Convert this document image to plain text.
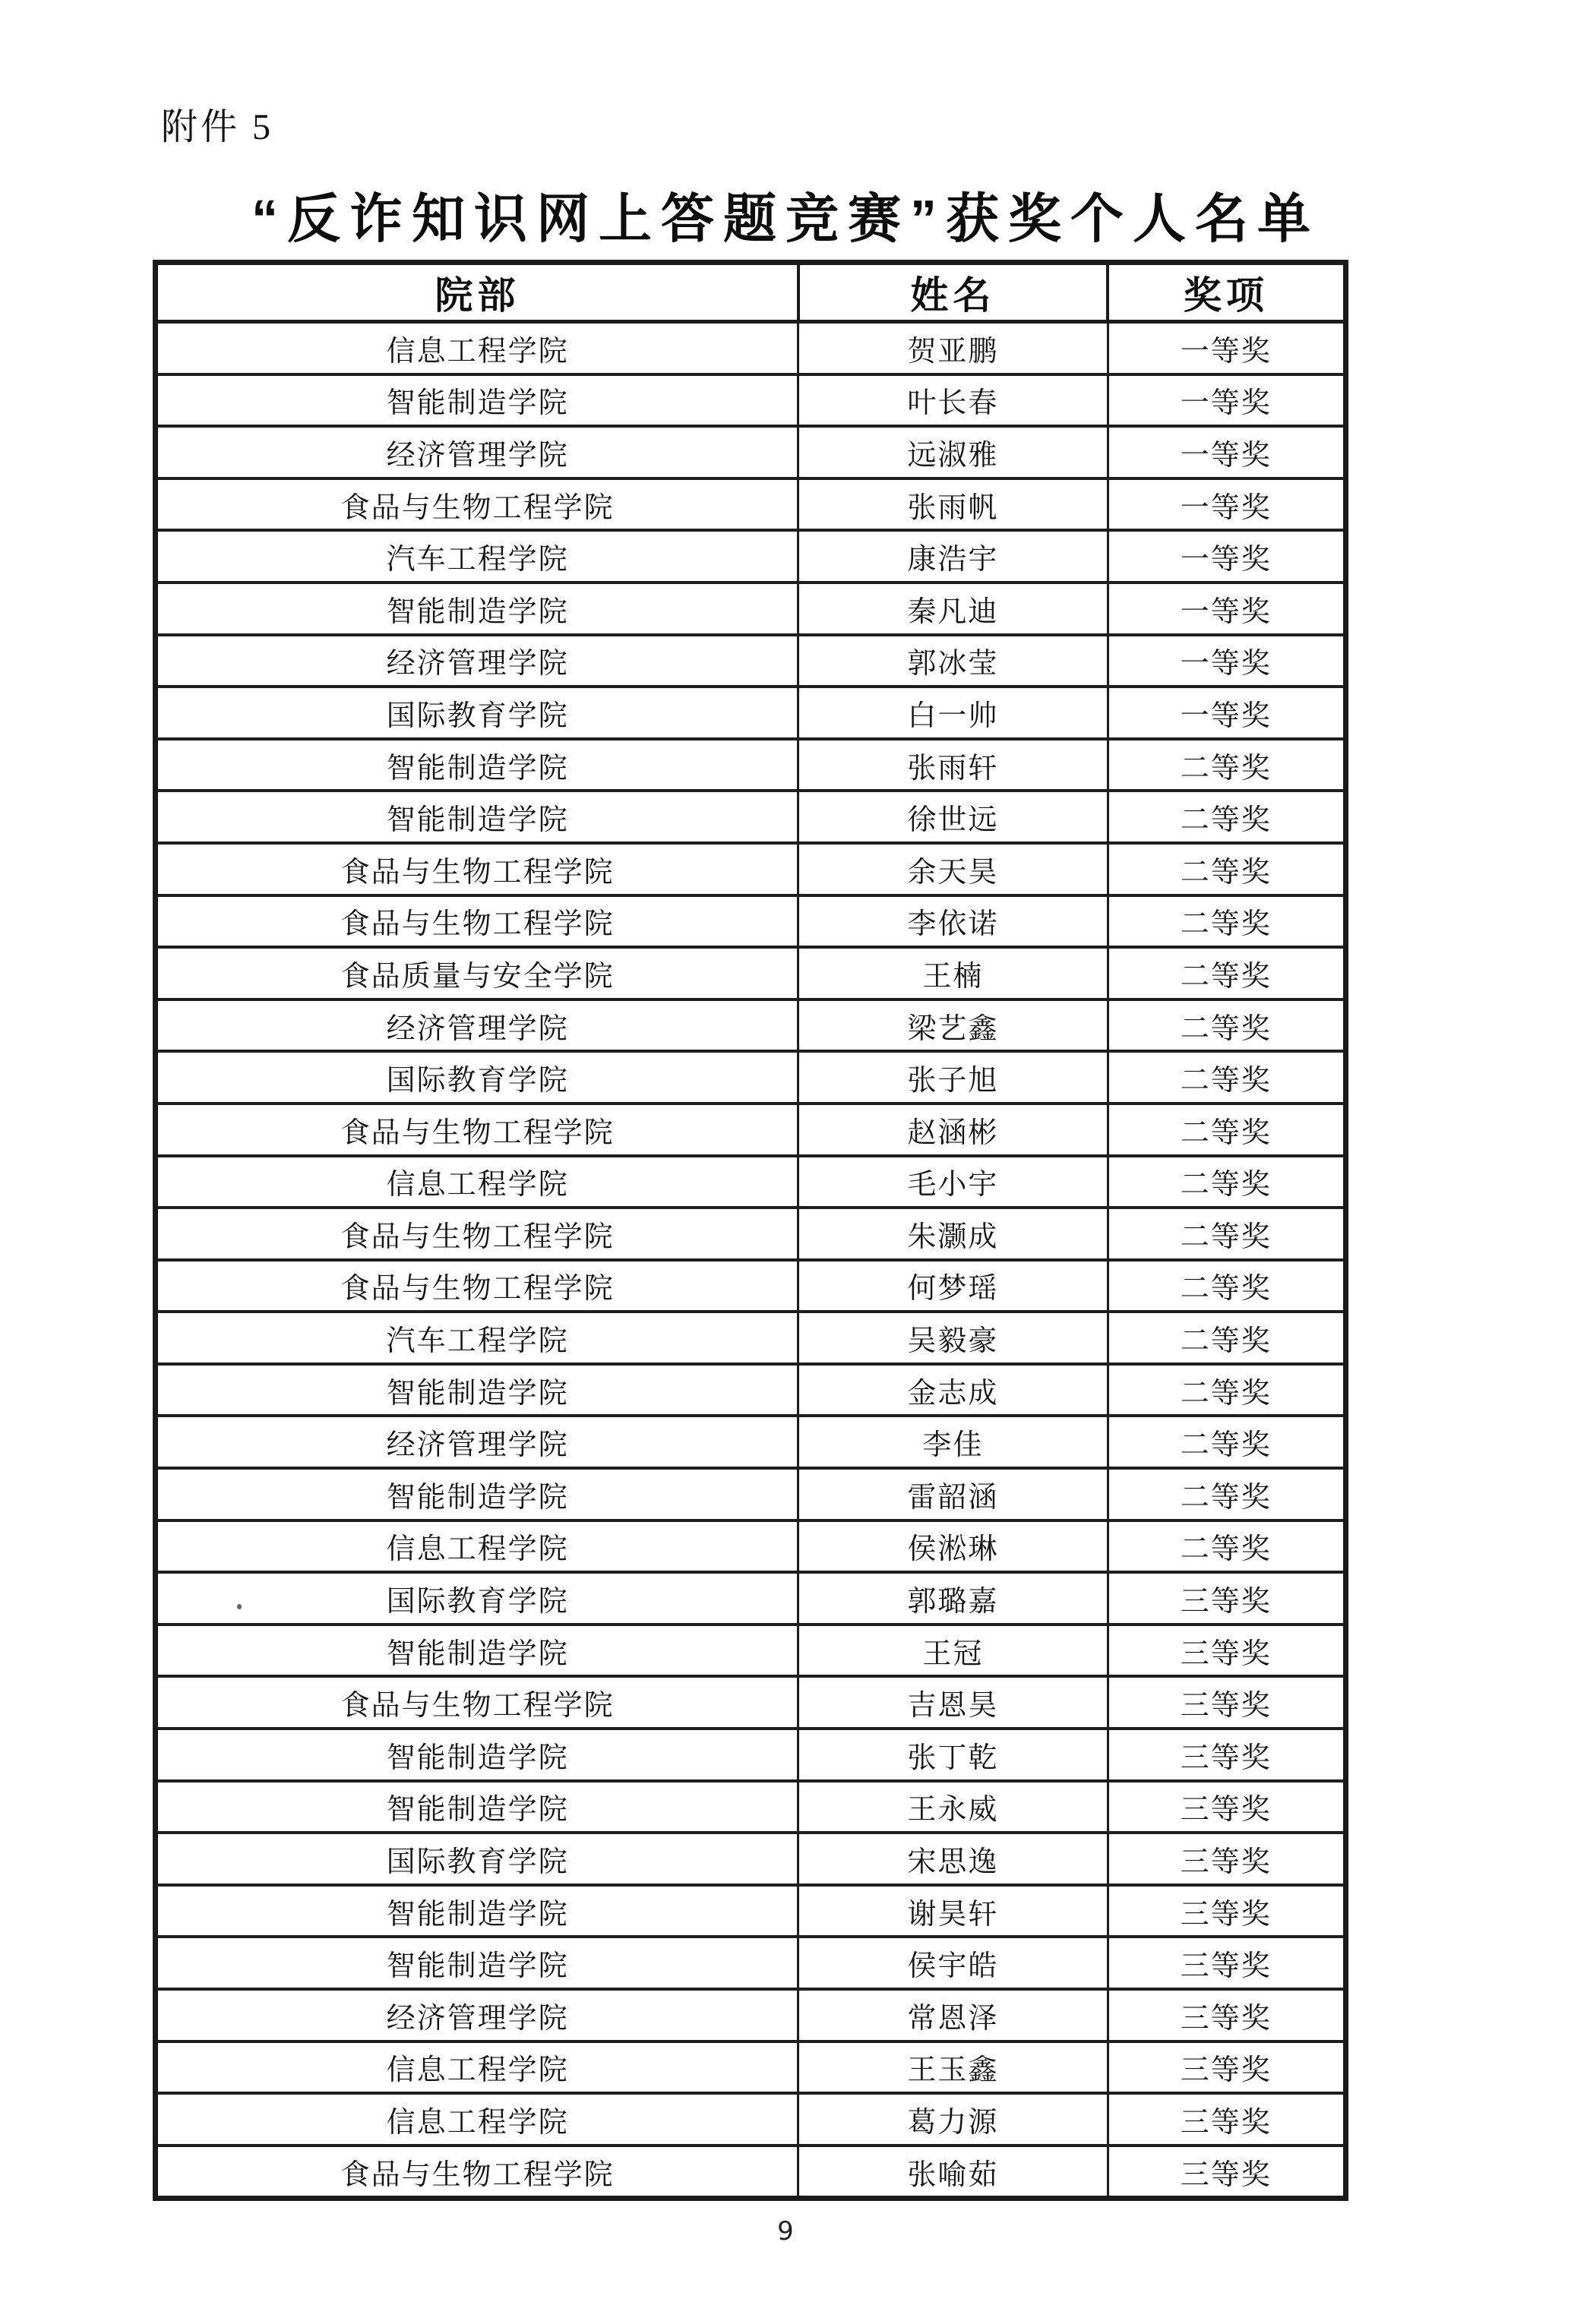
附件 5
“反诈知识网上答题竞赛”获奖个人名单
院部	姓名	奖项
信息工程学院	贺亚鹏	一等奖
智能制造学院	叶长春	一等奖
经济管理学院	远淑雅	一等奖
食品与生物工程学院	张雨帆	一等奖
汽车工程学院	康浩宇	一等奖
智能制造学院	秦凡迪	一等奖
经济管理学院	郭冰莹	一等奖
国际教育学院	白一帅	一等奖
智能制造学院	张雨轩	二等奖
智能制造学院	徐世远	二等奖
食品与生物工程学院	余天昊	二等奖
食品与生物工程学院	李依诺	二等奖
食品质量与安全学院	王楠	二等奖
经济管理学院	梁艺鑫	二等奖
国际教育学院	张子旭	二等奖
食品与生物工程学院	赵涵彬	二等奖
信息工程学院	毛小宇	二等奖
食品与生物工程学院	朱灏成	二等奖
食品与生物工程学院	何梦瑶	二等奖
汽车工程学院	吴毅豪	二等奖
智能制造学院	金志成	二等奖
经济管理学院	李佳	二等奖
智能制造学院	雷韶涵	二等奖
信息工程学院	侯淞琳	二等奖
国际教育学院	郭璐嘉	三等奖
智能制造学院	王冠	三等奖
食品与生物工程学院	吉恩昊	三等奖
智能制造学院	张丁乾	三等奖
智能制造学院	王永威	三等奖
国际教育学院	宋思逸	三等奖
智能制造学院	谢昊轩	三等奖
智能制造学院	侯宇皓	三等奖
经济管理学院	常恩泽	三等奖
信息工程学院	王玉鑫	三等奖
信息工程学院	葛力源	三等奖
食品与生物工程学院	张喻茹	三等奖
9
